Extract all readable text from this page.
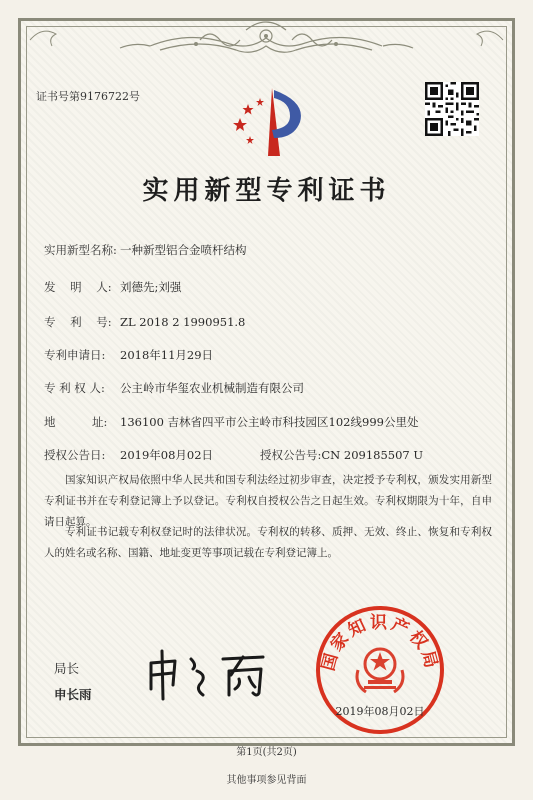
证书号第9176722号
实用新型专利证书
实用新型名称: 一种新型铝合金喷杆结构
发    明    人: 刘德先;刘强
专    利    号: ZL 2018 2 1990951.8
专利申请日: 2018年11月29日
专 利 权 人: 公主岭市华玺农业机械制造有限公司
地          址: 136100 吉林省四平市公主岭市科技园区102线999公里处
授权公告日: 2019年08月02日	授权公告号:CN 209185507 U
国家知识产权局依照中华人民共和国专利法经过初步审查，决定授予专利权，颁发实用新型专利证书并在专利登记簿上予以登记。专利权自授权公告之日起生效。专利权期限为十年，自申请日起算。
专利证书记载专利权登记时的法律状况。专利权的转移、质押、无效、终止、恢复和专利权人的姓名或名称、国籍、地址变更等事项记载在专利登记簿上。
局长
申长雨
国家知识产权局
2019年08月02日
第1页(共2页)
其他事项参见背面
